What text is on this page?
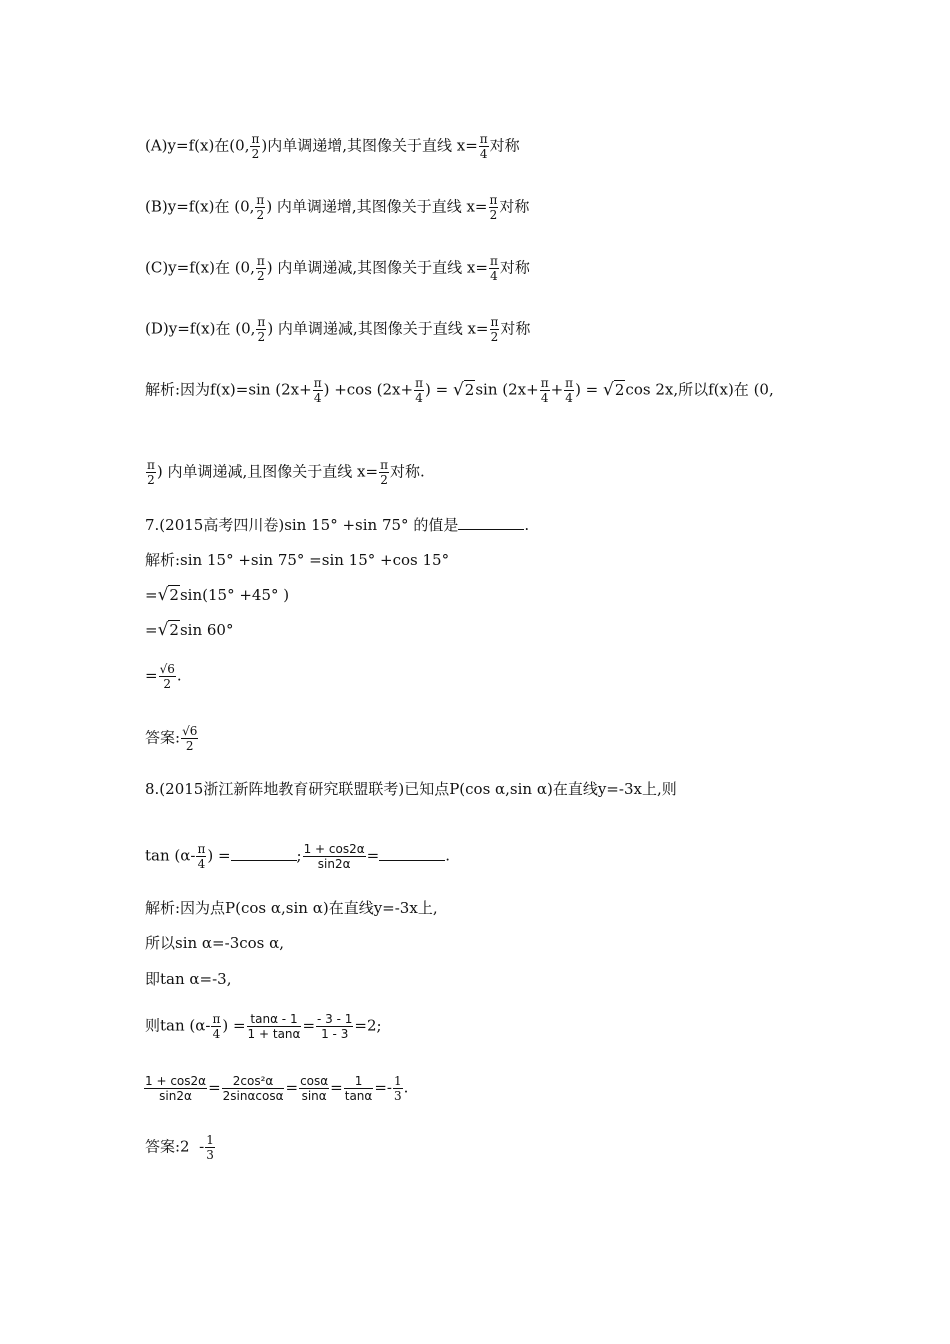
(A)y=f(x)在(0, $\frac{\pi}{2}$ )内单调递增,其图像关于直线 $x= \frac{\pi}{4}$ 对称
(B)y=f(x)在 (0, $\frac{\pi}{2}$ ) 内单调递增,其图像关于直线 $x= \frac{\pi}{2}$ 对称
(C)y=f(x)在 (0, $\frac{\pi}{2}$ ) 内单调递减,其图像关于直线 $x= \frac{\pi}{4}$ 对称
(D)y=f(x)在 (0, $\frac{\pi}{2}$ ) 内单调递减,其图像关于直线 $x= \frac{\pi}{2}$ 对称
解析:因为f(x)=sin ($2x+ \frac{\pi}{4}$ ) +cos ($2x+ \frac{\pi}{4}$ ) = √2sin ($2x+ \frac{\pi}{4} + \frac{\pi}{4}$ ) = √2cos 2x,所以f(x)在 (0,
$\frac{\pi}{2}$ ) 内单调递减,且图像关于直线 $x= \frac{\pi}{2}$ 对称.
7.(2015高考四川卷)sin 15° +sin 75° 的值是	.
解析:sin 15° +sin 75° =sin 15° +cos 15°
=√2sin(15° +45° )
=√2sin 60°
= $\frac{√6}{2}$ .
答案: $\frac{√6}{2}$
8.(2015浙江新阵地教育研究联盟联考)已知点P(cos α,sin α)在直线y=-3x上,则
$\tan (\alpha- \frac{\pi}{4}$ ) =	; $\frac{1 + \cos 2\alpha}{\sin 2\alpha}$ =	.
解析:因为点P(cos α,sin α)在直线y=-3x上,
所以sin α=-3cos α,
即tan α=-3,
则$\tan (\alpha- \frac{\pi}{4}$ ) = $\frac{\tan\alpha - 1}{1 + \tan\alpha} = \frac{- 3 - 1}{1 - 3} =2$;
$\frac{1 + \cos 2\alpha}{\sin 2\alpha} = \frac{\text{2cos²α}}{2\sin\alpha\cos\alpha} = \frac{\cos\alpha}{\sin\alpha} = \frac{1}{\tan\alpha} =- \frac{1}{3}$ .
答案:2  - $\frac{1}{3}$
